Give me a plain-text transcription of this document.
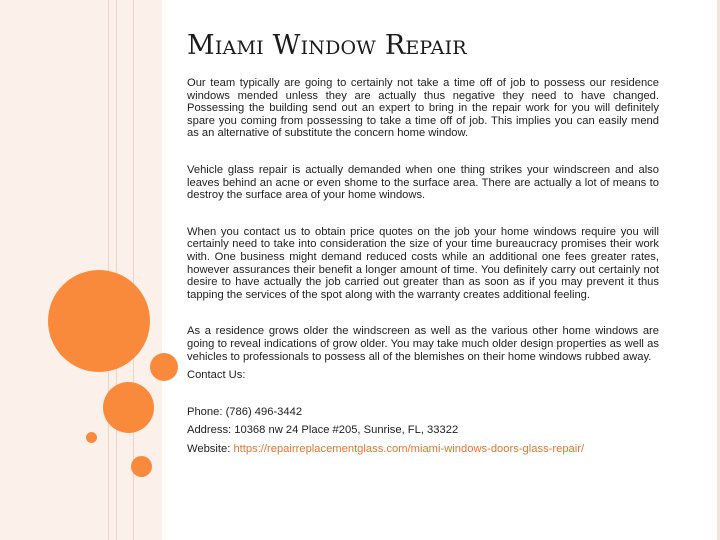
Miami Window Repair

Our team typically are going to certainly not take a time off of job to possess our residence windows mended unless they are actually thus negative they need to have changed. Possessing the building send out an expert to bring in the repair work for you will definitely spare you coming from possessing to take a time off of job. This implies you can easily mend as an alternative of substitute the concern home window.

Vehicle glass repair is actually demanded when one thing strikes your windscreen and also leaves behind an acne or even shome to the surface area. There are actually a lot of means to destroy the surface area of your home windows.

When you contact us to obtain price quotes on the job your home windows require you will certainly need to take into consideration the size of your time bureaucracy promises their work with. One business might demand reduced costs while an additional one fees greater rates, however assurances their benefit a longer amount of time. You definitely carry out certainly not desire to have actually the job carried out greater than as soon as if you may prevent it thus tapping the services of the spot along with the warranty creates additional feeling.

As a residence grows older the windscreen as well as the various other home windows are going to reveal indications of grow older. You may take much older design properties as well as vehicles to professionals to possess all of the blemishes on their home windows rubbed away.

Contact Us:

Phone: (786) 496-3442

Address: 10368 nw 24 Place #205, Sunrise, FL, 33322

Website: https://repairreplacementglass.com/miami-windows-doors-glass-repair/
